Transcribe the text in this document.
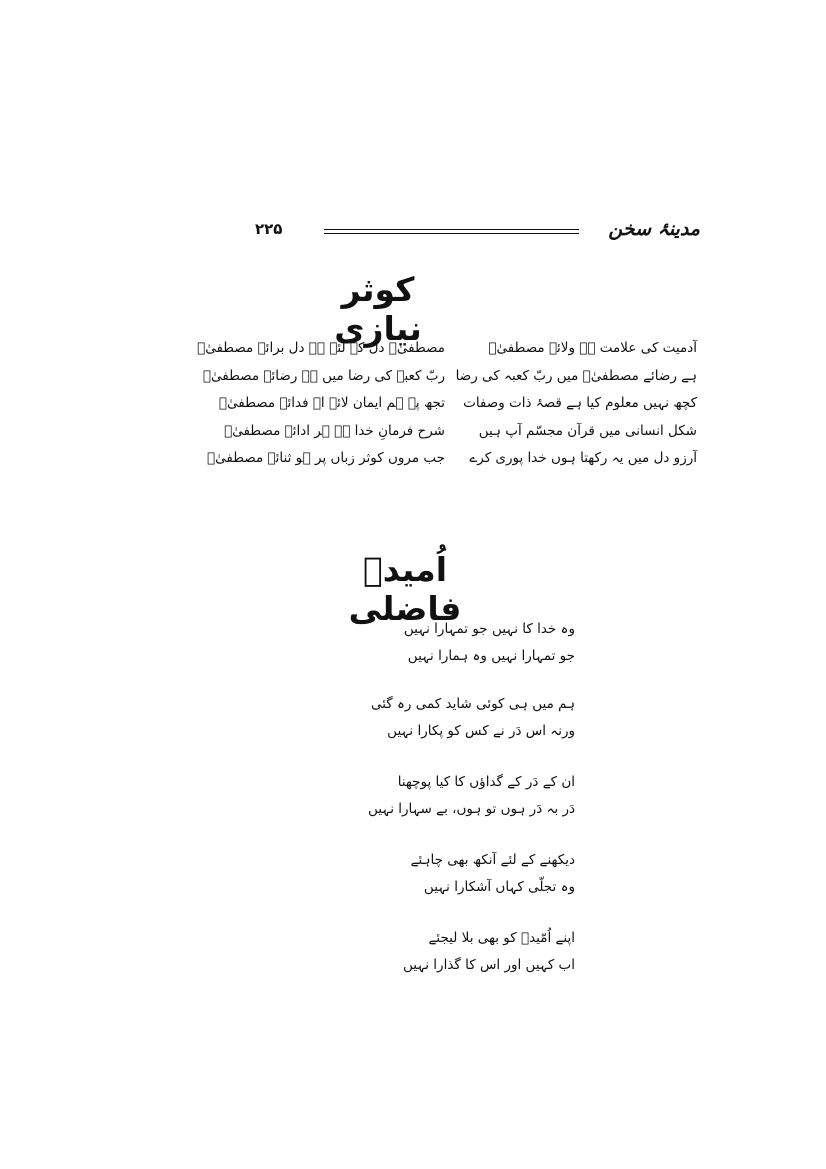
۲۲۵	مدینۂ سخن
کوثر نیازی	آدمیت کی علامت ہے ولائے مصطفیٰؐ
مصطفیٰؐ دل کے لئے ہے دل برائے مصطفیٰؐ
ہے رضائے مصطفیٰؐ میں ربّ کعبہ کی رضا
ربّ کعبہ کی رضا میں ہے رضائے مصطفیٰؐ
کچھ نہیں معلوم کیا ہے قصۂ ذات وصفات
تجھ پہ ہم ایمان لائے اے فدائے مصطفیٰؐ
شکل انسانی میں قرآن مجسّم آپ ہیں
شرح فرمانِ خدا ہے ہر ادائے مصطفیٰؐ
آرزو دل میں یہ رکھتا ہوں خدا پوری کرے
جب مروں کوثر زباں پر ہو ثنائے مصطفیٰؐ
اُمیدؔ فاضلی
وہ خدا کا نہیں جو تمہارا نہیں
جو تمہارا نہیں وہ ہمارا نہیں
ہم میں ہی کوئی شاید کمی رہ گئی
ورنہ اس دَر نے کس کو پکارا نہیں
ان کے دَر کے گداؤں کا کیا پوچھنا
دَر بہ دَر ہوں تو ہوں، بے سہارا نہیں
دیکھنے کے لئے آنکھ بھی چاہئے
وہ تجلّی کہاں آشکارا نہیں
اپنے اُمّیدؔ کو بھی بلا لیجئے
اب کہیں اور اس کا گذارا نہیں
